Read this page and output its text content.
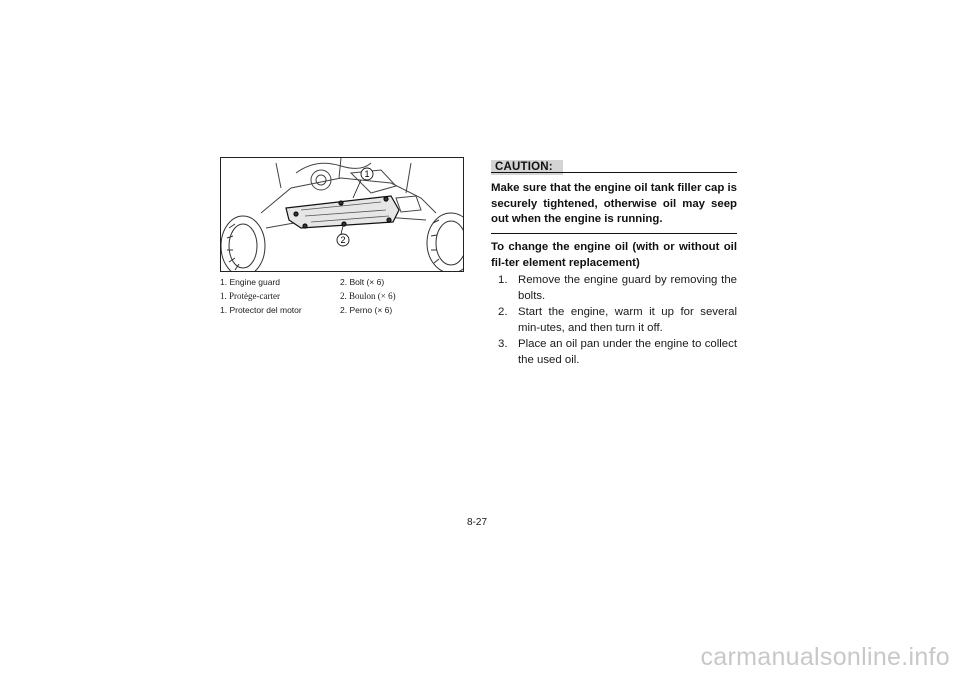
1
2
1. Engine guard	2. Bolt (× 6)
1. Protège-carter	2. Boulon (× 6)
1. Protector del motor	2. Perno (× 6)
CAUTION:
Make sure that the engine oil tank filler cap is securely tightened, otherwise oil may seep out when the engine is running.
To change the engine oil (with or without oil fil-ter element replacement)
1. Remove the engine guard by removing the bolts.
2. Start the engine, warm it up for several min-utes, and then turn it off.
3. Place an oil pan under the engine to collect the used oil.
8-27
carmanualsonline.info
